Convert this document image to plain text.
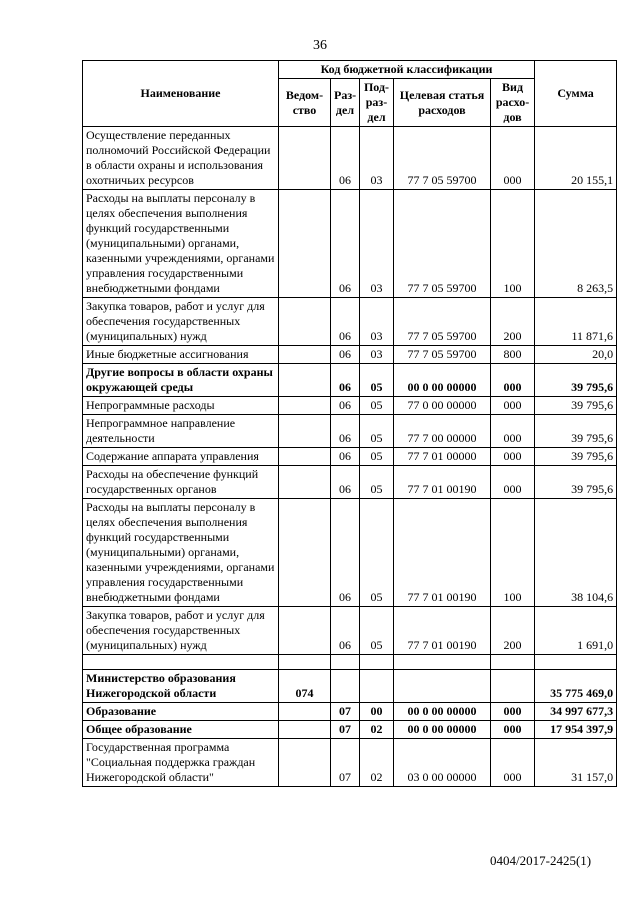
36
Наименование	Код бюджетной классификации					Сумма
	Ведом-ство	Раз-дел	Под-раз-дел	Целевая статья расходов	Вид расхо-дов	
Осуществление переданных полномочий Российской Федерации в области охраны и использования охотничьих ресурсов		06	03	77 7 05 59700	000	20 155,1
Расходы на выплаты персоналу в целях обеспечения выполнения функций государственными (муниципальными) органами, казенными учреждениями, органами управления государственными внебюджетными фондами		06	03	77 7 05 59700	100	8 263,5
Закупка товаров, работ и услуг для обеспечения государственных (муниципальных) нужд		06	03	77 7 05 59700	200	11 871,6
Иные бюджетные ассигнования		06	03	77 7 05 59700	800	20,0
Другие вопросы в области охраны окружающей среды		06	05	00 0 00 00000	000	39 795,6
Непрограммные расходы		06	05	77 0 00 00000	000	39 795,6
Непрограммное направление деятельности		06	05	77 7 00 00000	000	39 795,6
Содержание аппарата управления		06	05	77 7 01 00000	000	39 795,6
Расходы на обеспечение функций государственных органов		06	05	77 7 01 00190	000	39 795,6
Расходы на выплаты персоналу в целях обеспечения выполнения функций государственными (муниципальными) органами, казенными учреждениями, органами управления государственными внебюджетными фондами		06	05	77 7 01 00190	100	38 104,6
Закупка товаров, работ и услуг для обеспечения государственных (муниципальных) нужд		06	05	77 7 01 00190	200	1 691,0

Министерство образования Нижегородской области	074					35 775 469,0
Образование		07	00	00 0 00 00000	000	34 997 677,3
Общее образование		07	02	00 0 00 00000	000	17 954 397,9
Государственная программа "Социальная поддержка граждан Нижегородской области"		07	02	03 0 00 00000	000	31 157,0
0404/2017-2425(1)
